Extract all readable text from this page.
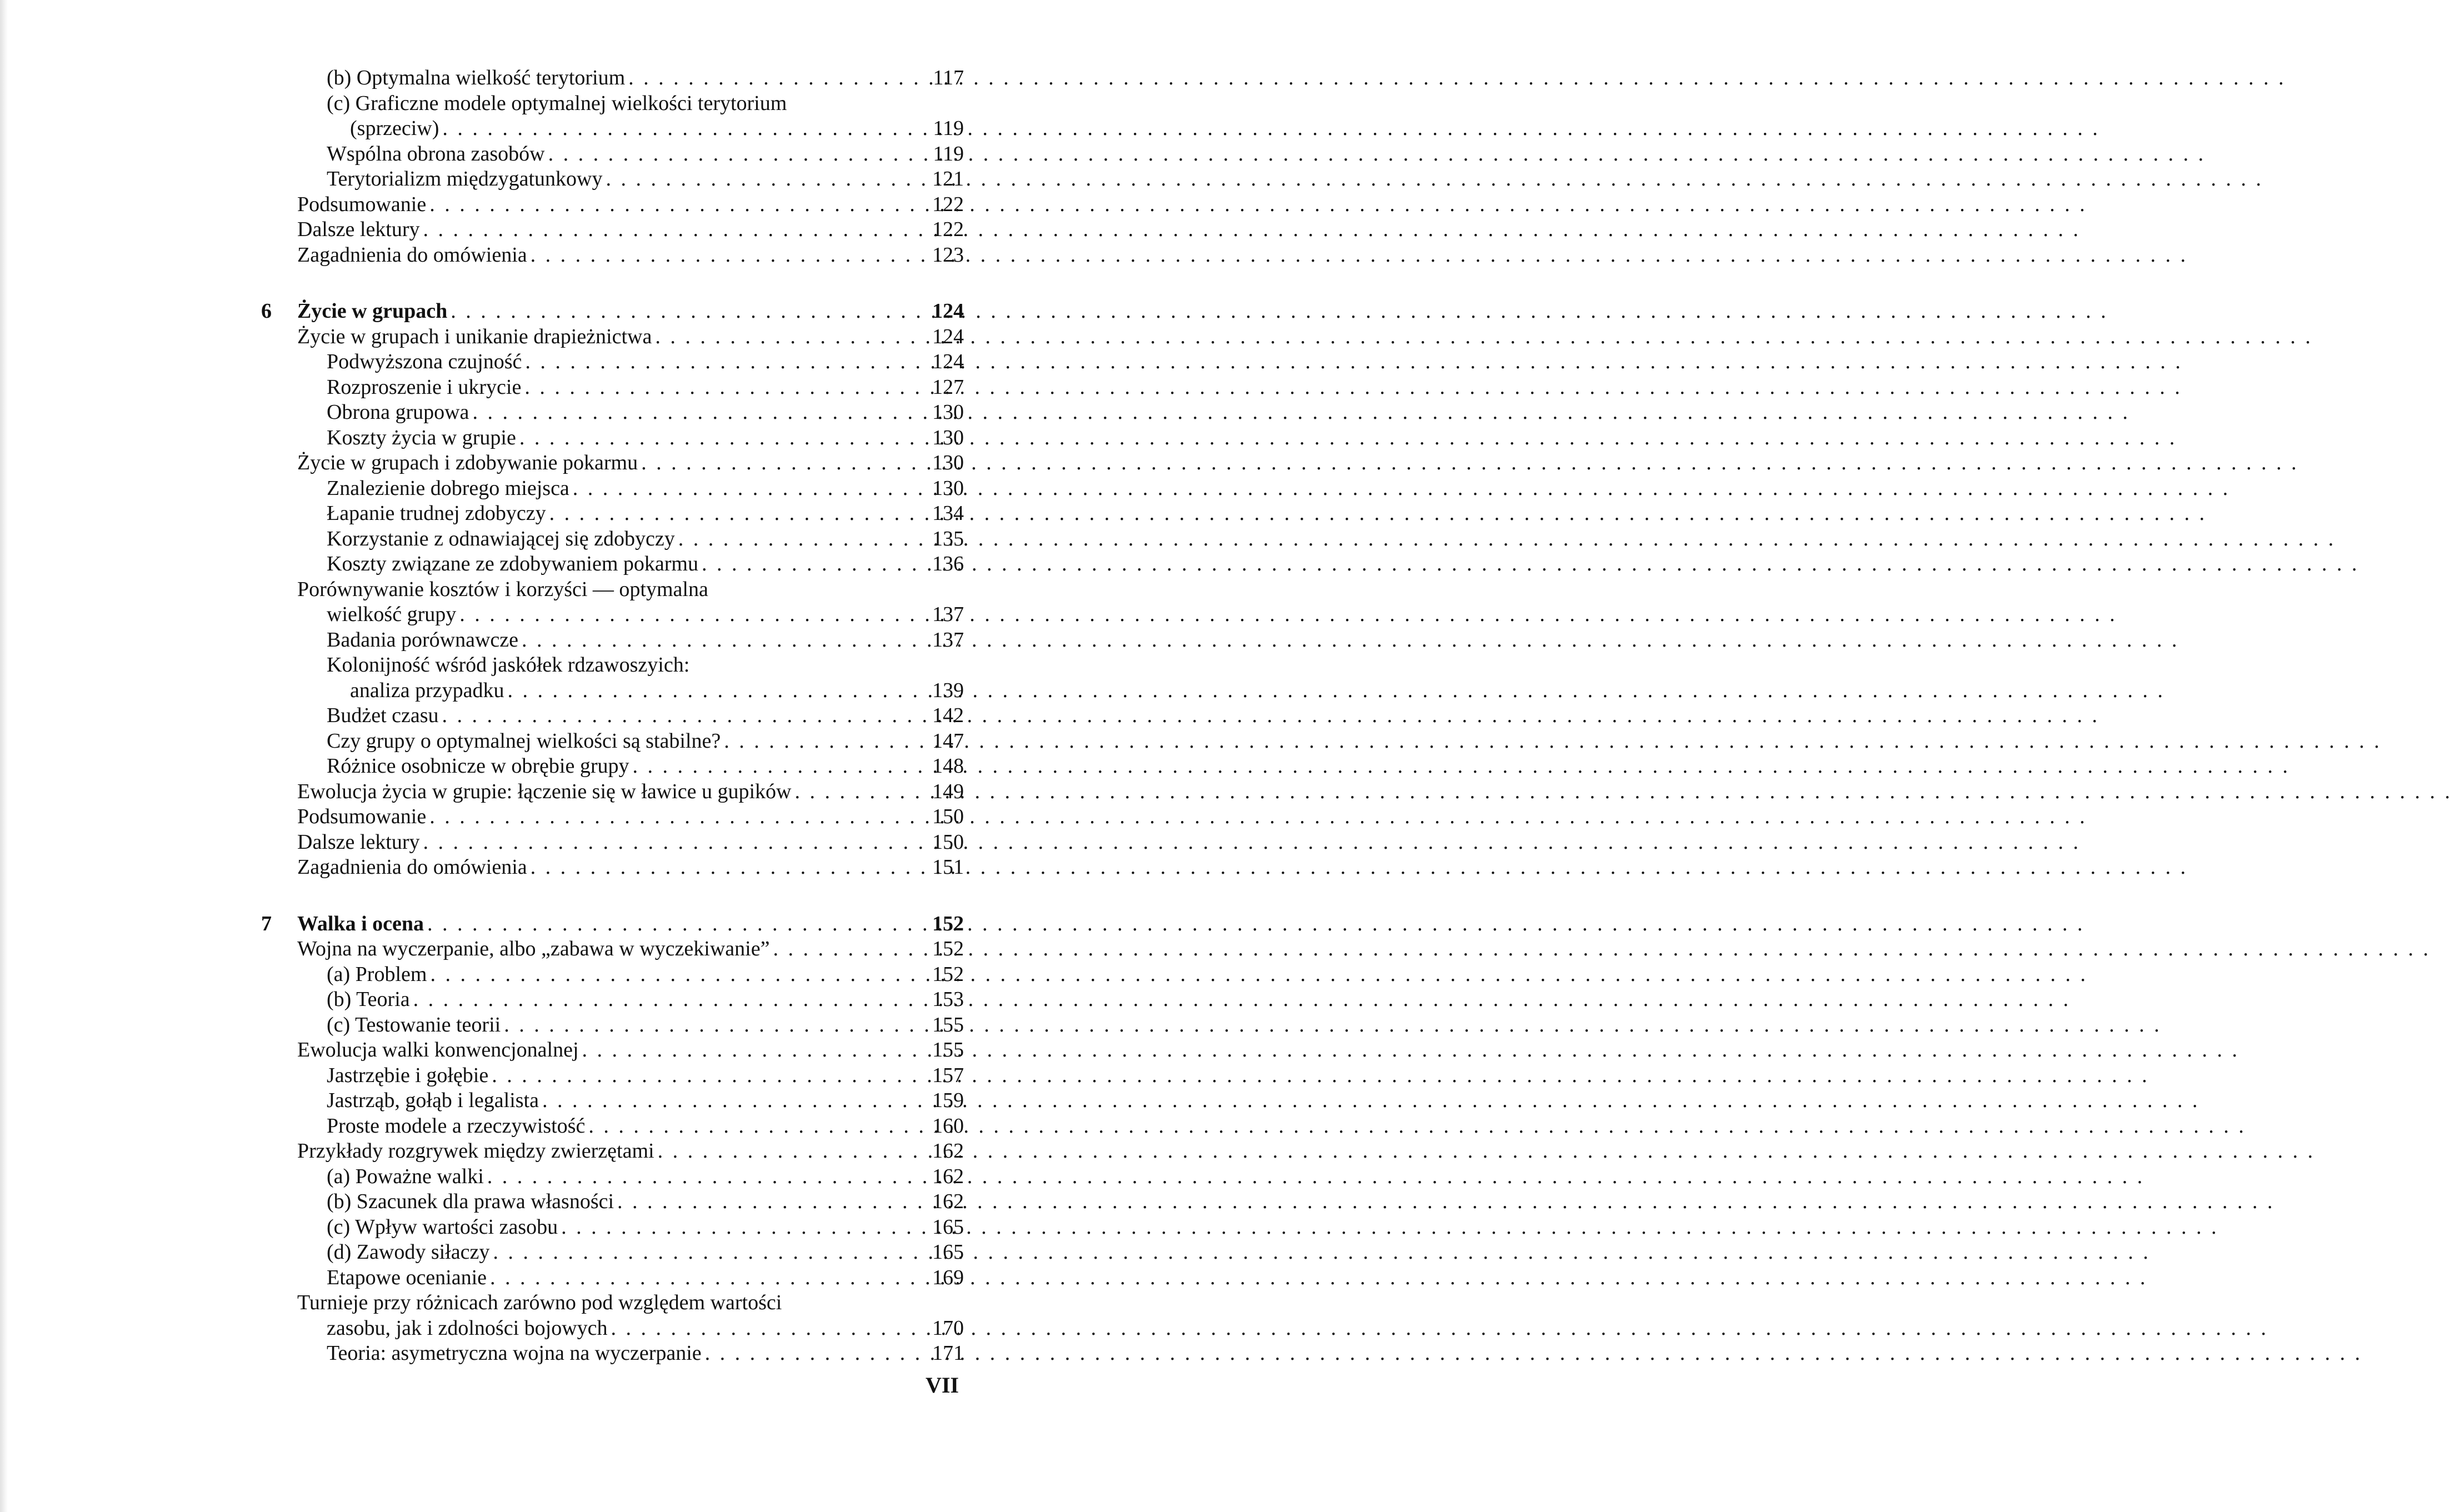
(b) Optymalna wielkość terytorium . . .	117
(c) Graficzne modele optymalnej wielkości terytorium
(sprzeciw) . . .	119
Wspólna obrona zasobów . . .	119
Terytorializm międzygatunkowy . . .	121
Podsumowanie . . .	122
Dalsze lektury . . .	122
Zagadnienia do omówienia . . .	123
6	Życie w grupach . . .	124
Życie w grupach i unikanie drapieżnictwa . . .	124
Podwyższona czujność . . .	124
Rozproszenie i ukrycie . . .	127
Obrona grupowa . . .	130
Koszty życia w grupie . . .	130
Życie w grupach i zdobywanie pokarmu . . .	130
Znalezienie dobrego miejsca . . .	130
Łapanie trudnej zdobyczy . . .	134
Korzystanie z odnawiającej się zdobyczy . . .	135
Koszty związane ze zdobywaniem pokarmu . . .	136
Porównywanie kosztów i korzyści — optymalna
wielkość grupy . . .	137
Badania porównawcze . . .	137
Kolonijność wśród jaskółek rdzawoszyich:
analiza przypadku . . .	139
Budżet czasu . . .	142
Czy grupy o optymalnej wielkości są stabilne? . . .	147
Różnice osobnicze w obrębie grupy . . .	148
Ewolucja życia w grupie: łączenie się w ławice u gupików . . .	149
Podsumowanie . . .	150
Dalsze lektury . . .	150
Zagadnienia do omówienia . . .	151
7	Walka i ocena . . .	152
Wojna na wyczerpanie, albo „zabawa w wyczekiwanie” . . .	152
(a) Problem . . .	152
(b) Teoria . . .	153
(c) Testowanie teorii . . .	155
Ewolucja walki konwencjonalnej . . .	155
Jastrzębie i gołębie . . .	157
Jastrząb, gołąb i legalista . . .	159
Proste modele a rzeczywistość . . .	160
Przykłady rozgrywek między zwierzętami . . .	162
(a) Poważne walki . . .	162
(b) Szacunek dla prawa własności . . .	162
(c) Wpływ wartości zasobu . . .	165
(d) Zawody siłaczy . . .	165
Etapowe ocenianie . . .	169
Turnieje przy różnicach zarówno pod względem wartości
zasobu, jak i zdolności bojowych . . .	170
Teoria: asymetryczna wojna na wyczerpanie . . .	171
VII
